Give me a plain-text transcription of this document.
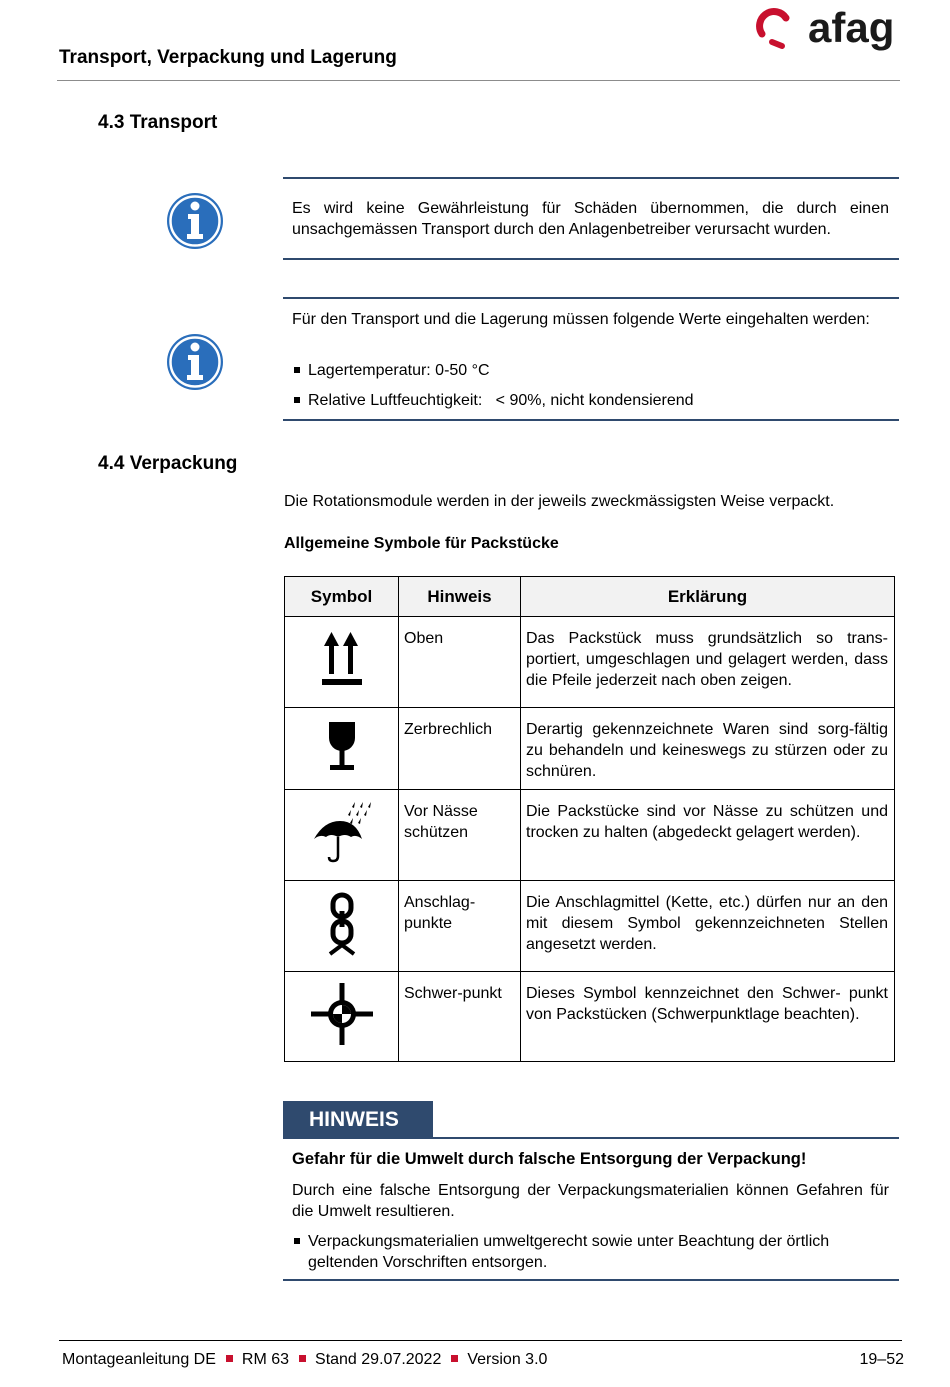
Transport, Verpackung und Lagerung
afag
4.3 Transport
Es wird keine Gewährleistung für Schäden übernommen, die durch einen unsachgemässen Transport durch den Anlagenbetreiber verursacht wurden.
Für den Transport und die Lagerung müssen folgende Werte eingehalten werden:
Lagertemperatur: 0-50 °C
Relative Luftfeuchtigkeit:   < 90%, nicht kondensierend
4.4 Verpackung
Die Rotationsmodule werden in der jeweils zweckmässigsten Weise verpackt.
Allgemeine Symbole für Packstücke
Symbol	Hinweis	Erklärung
	Oben	Das Packstück muss grundsätzlich so trans-portiert, umgeschlagen und gelagert werden, dass die Pfeile jederzeit nach oben zeigen.
	Zerbrechlich	Derartig gekennzeichnete Waren sind sorg-fältig zu behandeln und keineswegs zu stürzen oder zu schnüren.
	Vor Nässe schützen	Die Packstücke sind vor Nässe zu schützen und trocken zu halten (abgedeckt gelagert werden).
	Anschlag-punkte	Die Anschlagmittel (Kette, etc.) dürfen nur an den mit diesem Symbol gekennzeichneten Stellen angesetzt werden.
	Schwer-punkt	Dieses Symbol kennzeichnet den Schwer- punkt von Packstücken (Schwerpunktlage beachten).
HINWEIS
Gefahr für die Umwelt durch falsche Entsorgung der Verpackung!
Durch eine falsche Entsorgung der Verpackungsmaterialien können Gefahren für die Umwelt resultieren.
Verpackungsmaterialien umweltgerecht sowie unter Beachtung der örtlich geltenden Vorschriften entsorgen.
Montageanleitung DE RM 63 Stand 29.07.2022 Version 3.0	19–52
